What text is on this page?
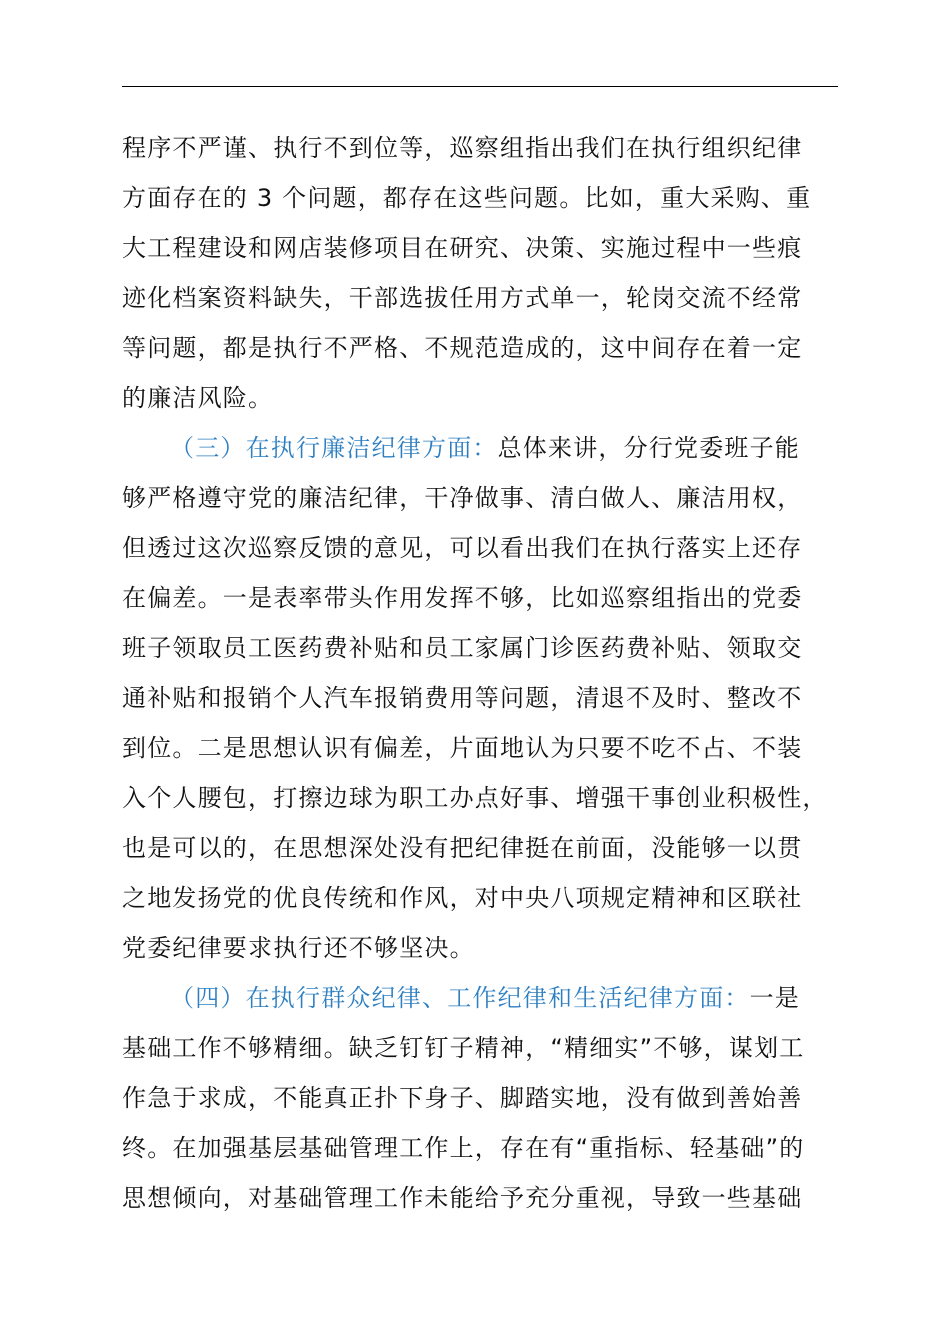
程序不严谨、执行不到位等，巡察组指出我们在执行组织纪律
方面存在的 3 个问题，都存在这些问题。比如，重大采购、重
大工程建设和网店装修项目在研究、决策、实施过程中一些痕
迹化档案资料缺失，干部选拔任用方式单一，轮岗交流不经常
等问题，都是执行不严格、不规范造成的，这中间存在着一定
的廉洁风险。
（三）在执行廉洁纪律方面：总体来讲，分行党委班子能
够严格遵守党的廉洁纪律，干净做事、清白做人、廉洁用权，
但透过这次巡察反馈的意见，可以看出我们在执行落实上还存
在偏差。一是表率带头作用发挥不够，比如巡察组指出的党委
班子领取员工医药费补贴和员工家属门诊医药费补贴、领取交
通补贴和报销个人汽车报销费用等问题，清退不及时、整改不
到位。二是思想认识有偏差，片面地认为只要不吃不占、不装
入个人腰包，打擦边球为职工办点好事、增强干事创业积极性，
也是可以的，在思想深处没有把纪律挺在前面，没能够一以贯
之地发扬党的优良传统和作风，对中央八项规定精神和区联社
党委纪律要求执行还不够坚决。
（四）在执行群众纪律、工作纪律和生活纪律方面：一是
基础工作不够精细。缺乏钉钉子精神，“精细实”不够，谋划工
作急于求成，不能真正扑下身子、脚踏实地，没有做到善始善
终。在加强基层基础管理工作上，存在有“重指标、轻基础”的
思想倾向，对基础管理工作未能给予充分重视，导致一些基础
